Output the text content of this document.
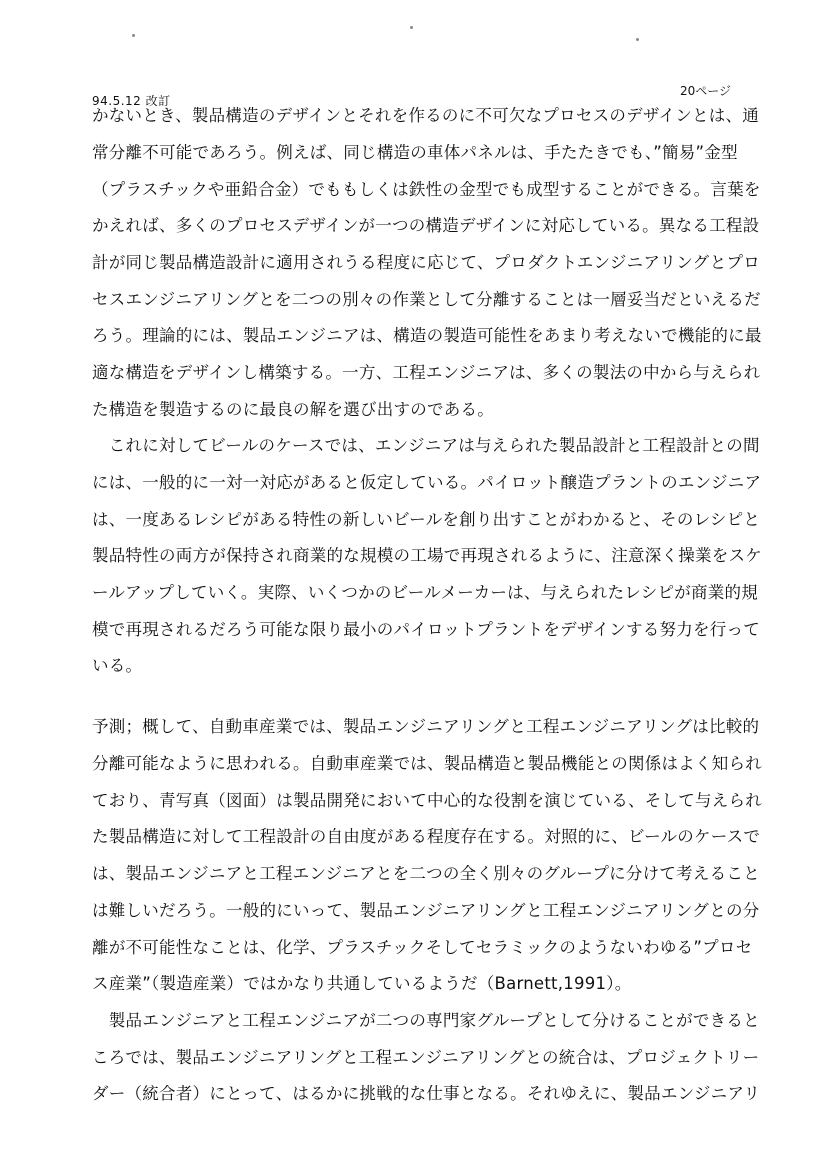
94.5.12 改訂
20ページ
かないとき、製品構造のデザインとそれを作るのに不可欠なプロセスのデザインとは、通
常分離不可能であろう。例えば、同じ構造の車体パネルは、手たたきでも、”簡易”金型
（プラスチックや亜鉛合金）でももしくは鉄性の金型でも成型することができる。言葉を
かえれば、多くのプロセスデザインが一つの構造デザインに対応している。異なる工程設
計が同じ製品構造設計に適用されうる程度に応じて、プロダクトエンジニアリングとプロ
セスエンジニアリングとを二つの別々の作業として分離することは一層妥当だといえるだ
ろう。理論的には、製品エンジニアは、構造の製造可能性をあまり考えないで機能的に最
適な構造をデザインし構築する。一方、工程エンジニアは、多くの製法の中から与えられ
た構造を製造するのに最良の解を選び出すのである。
　これに対してビールのケースでは、エンジニアは与えられた製品設計と工程設計との間
には、一般的に一対一対応があると仮定している。パイロット醸造プラントのエンジニア
は、一度あるレシピがある特性の新しいビールを創り出すことがわかると、そのレシピと
製品特性の両方が保持され商業的な規模の工場で再現されるように、注意深く操業をスケ
ールアップしていく。実際、いくつかのビールメーカーは、与えられたレシピが商業的規
模で再現されるだろう可能な限り最小のパイロットプラントをデザインする努力を行って
いる。
予測；概して、自動車産業では、製品エンジニアリングと工程エンジニアリングは比較的
分離可能なように思われる。自動車産業では、製品構造と製品機能との関係はよく知られ
ており、青写真（図面）は製品開発において中心的な役割を演じている、そして与えられ
た製品構造に対して工程設計の自由度がある程度存在する。対照的に、ビールのケースで
は、製品エンジニアと工程エンジニアとを二つの全く別々のグループに分けて考えること
は難しいだろう。一般的にいって、製品エンジニアリングと工程エンジニアリングとの分
離が不可能性なことは、化学、プラスチックそしてセラミックのようないわゆる”プロセ
ス産業”（製造産業）ではかなり共通しているようだ（Barnett,1991）。
　製品エンジニアと工程エンジニアが二つの専門家グループとして分けることができると
ころでは、製品エンジニアリングと工程エンジニアリングとの統合は、プロジェクトリー
ダー（統合者）にとって、はるかに挑戦的な仕事となる。それゆえに、製品エンジニアリ
